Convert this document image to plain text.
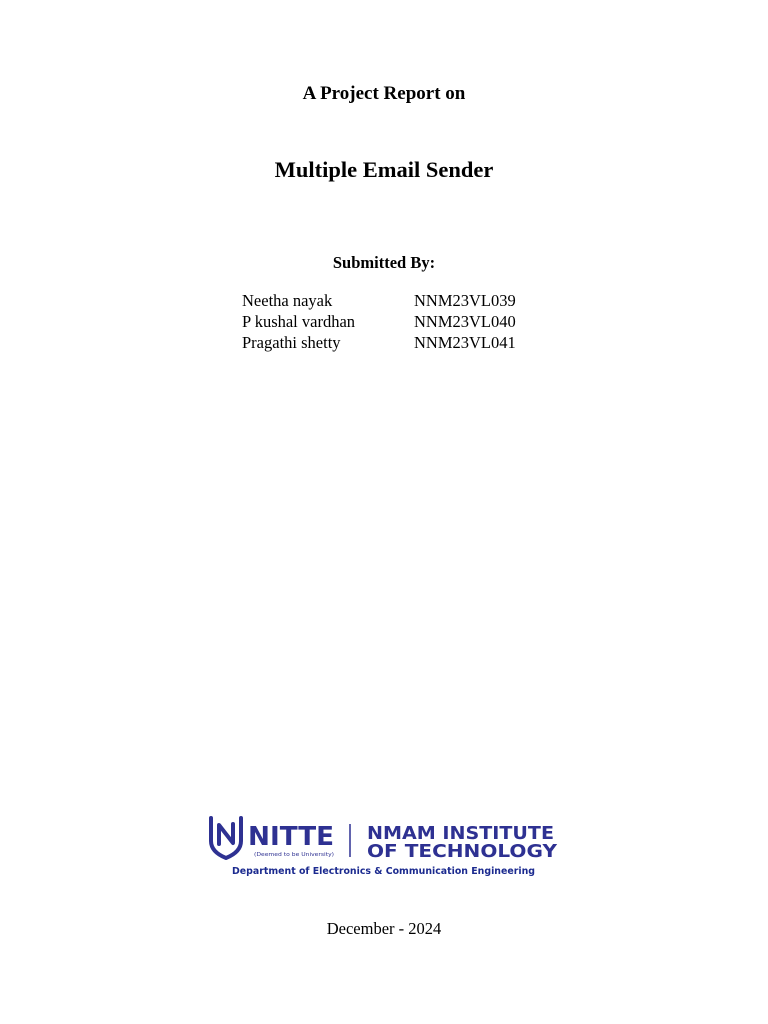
A Project Report on
Multiple Email Sender
Submitted By:
Neetha nayak	NNM23VL039
P kushal vardhan	NNM23VL040
Pragathi shetty	NNM23VL041
NITTE
(Deemed to be University)
NMAM INSTITUTE
OF TECHNOLOGY
Department of Electronics & Communication Engineering
December - 2024
